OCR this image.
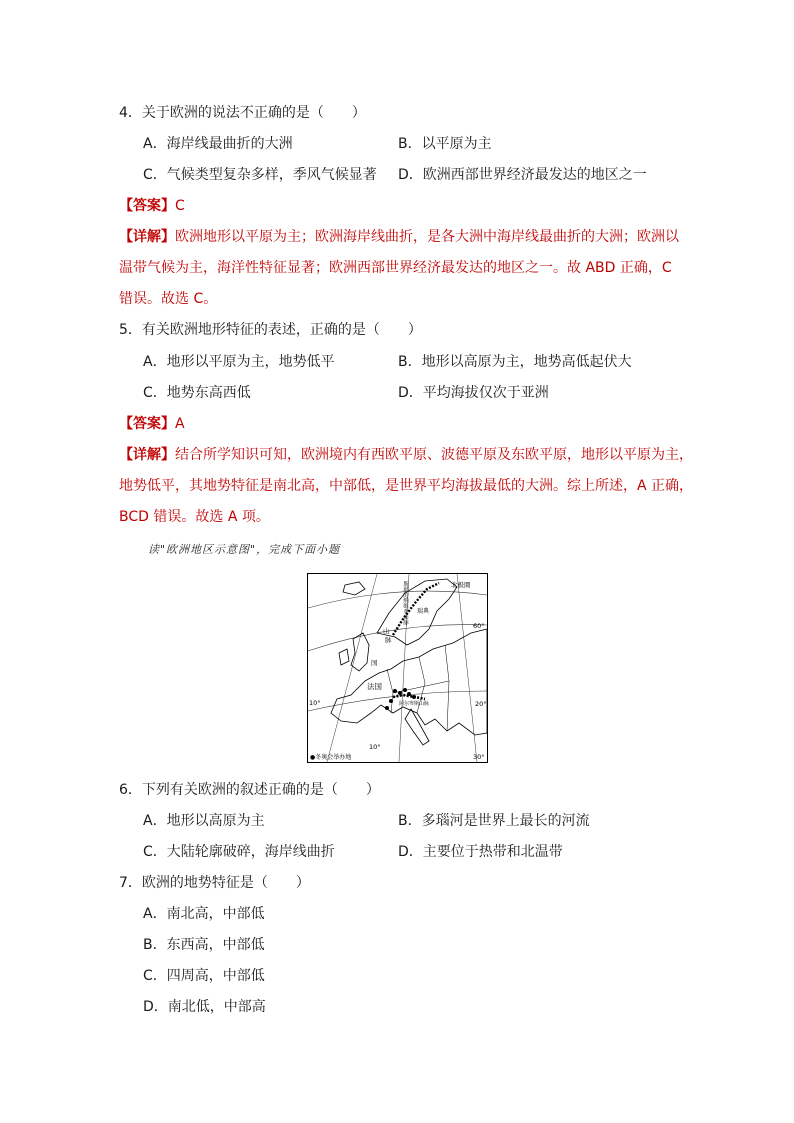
4．关于欧洲的说法不正确的是（　　）
A．海岸线最曲折的大洲	B．以平原为主
C．气候类型复杂多样，季风气候显著 D．欧洲西部世界经济最发达的地区之一
【答案】C
【详解】欧洲地形以平原为主；欧洲海岸线曲折，是各大洲中海岸线最曲折的大洲；欧洲以
温带气候为主，海洋性特征显著；欧洲西部世界经济最发达的地区之一。故 ABD 正确，C
错误。故选 C。
5．有关欧洲地形特征的表述，正确的是（　　）
A．地形以平原为主，地势低平	B．地形以高原为主，地势高低起伏大
C．地势东高西低	D．平均海拔仅次于亚洲
【答案】A
【详解】结合所学知识可知，欧洲境内有西欧平原、波德平原及东欧平原，地形以平原为主，
地势低平，其地势特征是南北高，中部低，是世界平均海拔最低的大洲。综上所述，A 正确，
BCD 错误。故选 A 项。
读"欧洲地区示意图"，完成下面小题
北极圈
60°
10°
10°
20°
30°
法国
阿尔卑斯山脉
山
脉
瑞典
国
斯堪的纳维亚山脉
●冬奥会举办地
6．下列有关欧洲的叙述正确的是（　　）
A．地形以高原为主	B．多瑙河是世界上最长的河流
C．大陆轮廓破碎，海岸线曲折	D．主要位于热带和北温带
7．欧洲的地势特征是（　　）
A．南北高，中部低
B．东西高，中部低
C．四周高，中部低
D．南北低，中部高
